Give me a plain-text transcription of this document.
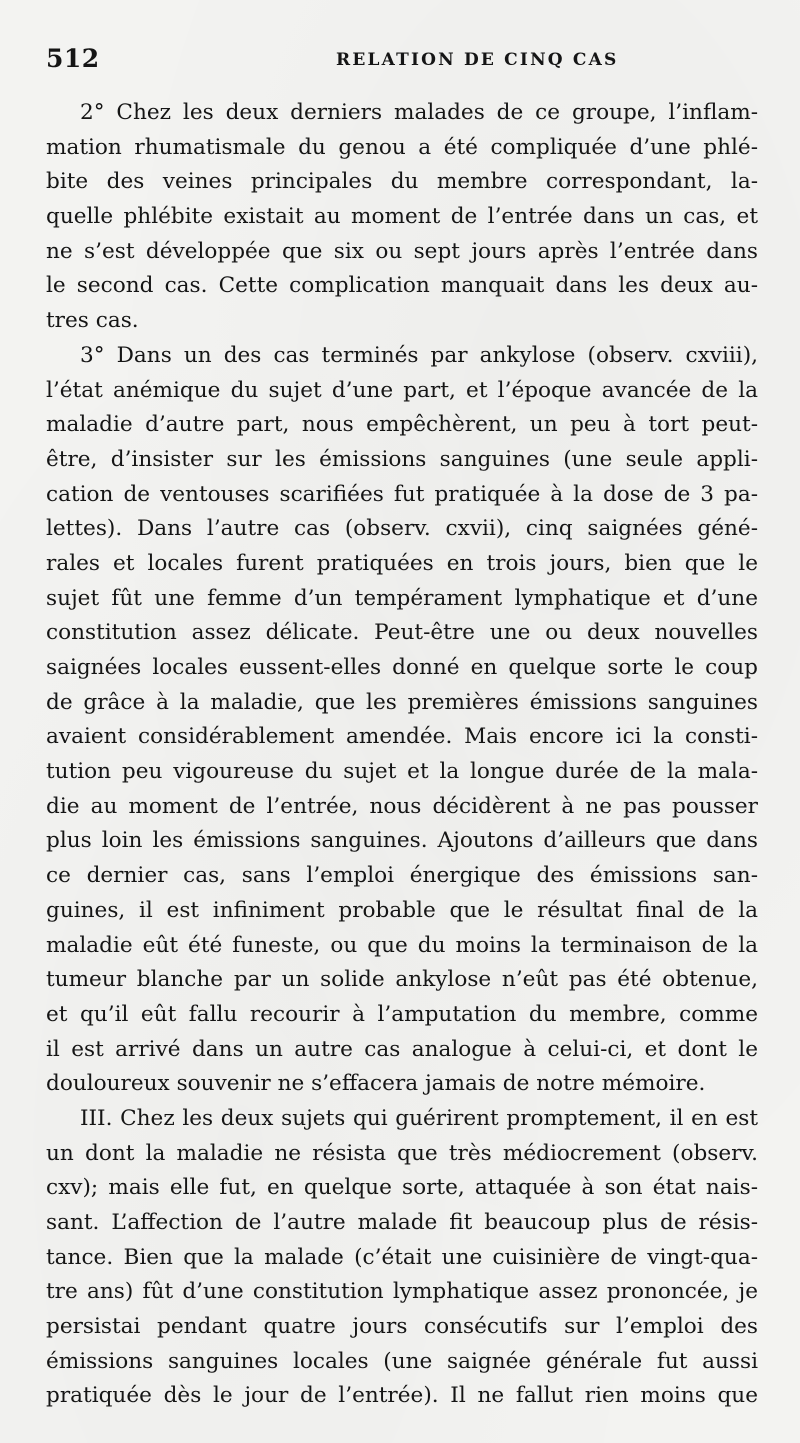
512	RELATION DE CINQ CAS
2° Chez les deux derniers malades de ce groupe, l’inflam-
mation rhumatismale du genou a été compliquée d’une phlé-
bite des veines principales du membre correspondant, la-
quelle phlébite existait au moment de l’entrée dans un cas, et
ne s’est développée que six ou sept jours après l’entrée dans
le second cas. Cette complication manquait dans les deux au-
tres cas.
3° Dans un des cas terminés par ankylose (observ. cxviii),
l’état anémique du sujet d’une part, et l’époque avancée de la
maladie d’autre part, nous empêchèrent, un peu à tort peut-
être, d’insister sur les émissions sanguines (une seule appli-
cation de ventouses scarifiées fut pratiquée à la dose de 3 pa-
lettes). Dans l’autre cas (observ. cxvii), cinq saignées géné-
rales et locales furent pratiquées en trois jours, bien que le
sujet fût une femme d’un tempérament lymphatique et d’une
constitution assez délicate. Peut-être une ou deux nouvelles
saignées locales eussent-elles donné en quelque sorte le coup
de grâce à la maladie, que les premières émissions sanguines
avaient considérablement amendée. Mais encore ici la consti-
tution peu vigoureuse du sujet et la longue durée de la mala-
die au moment de l’entrée, nous décidèrent à ne pas pousser
plus loin les émissions sanguines. Ajoutons d’ailleurs que dans
ce dernier cas, sans l’emploi énergique des émissions san-
guines, il est infiniment probable que le résultat final de la
maladie eût été funeste, ou que du moins la terminaison de la
tumeur blanche par un solide ankylose n’eût pas été obtenue,
et qu’il eût fallu recourir à l’amputation du membre, comme
il est arrivé dans un autre cas analogue à celui-ci, et dont le
douloureux souvenir ne s’effacera jamais de notre mémoire.
III. Chez les deux sujets qui guérirent promptement, il en est
un dont la maladie ne résista que très médiocrement (observ.
cxv); mais elle fut, en quelque sorte, attaquée à son état nais-
sant. L’affection de l’autre malade fit beaucoup plus de résis-
tance. Bien que la malade (c’était une cuisinière de vingt-qua-
tre ans) fût d’une constitution lymphatique assez prononcée, je
persistai pendant quatre jours consécutifs sur l’emploi des
émissions sanguines locales (une saignée générale fut aussi
pratiquée dès le jour de l’entrée). Il ne fallut rien moins que
